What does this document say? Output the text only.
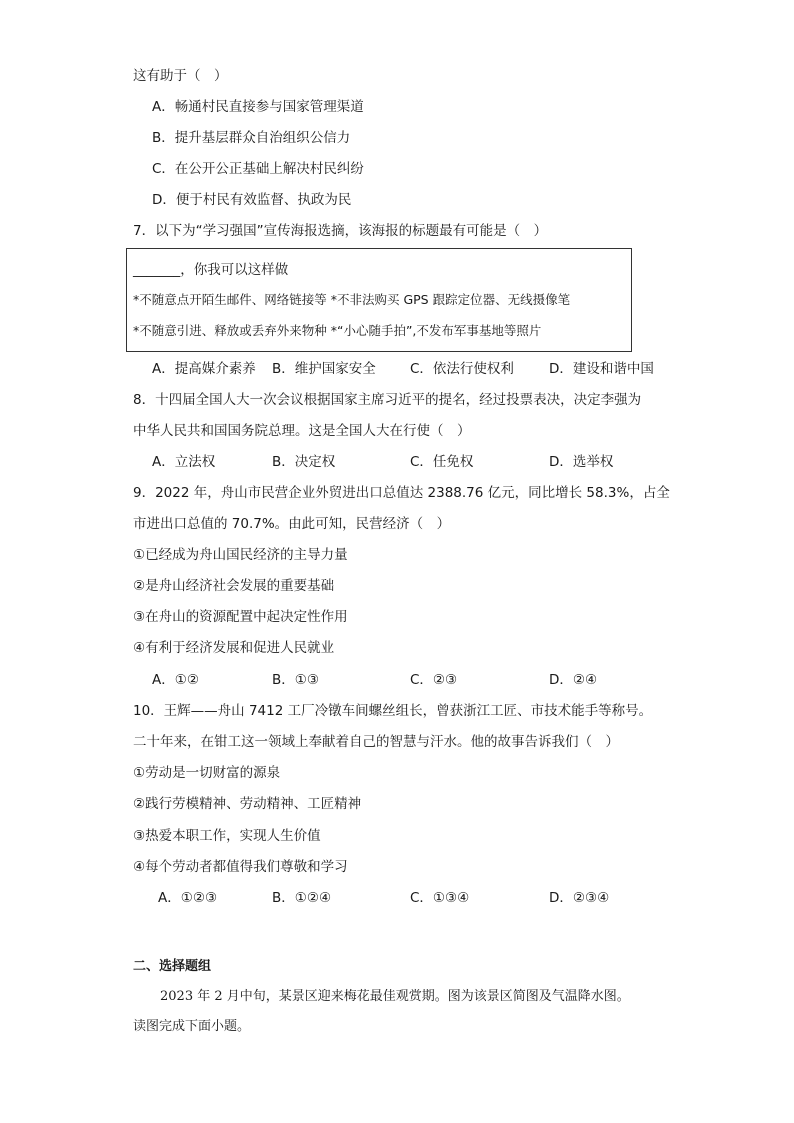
这有助于（　）
A．畅通村民直接参与国家管理渠道
B．提升基层群众自治组织公信力
C．在公开公正基础上解决村民纠纷
D．便于村民有效监督、执政为民
7．以下为“学习强国”宣传海报选摘，该海报的标题最有可能是（　）
_______，你我可以这样做
*不随意点开陌生邮件、网络链接等 *不非法购买 GPS 跟踪定位器、无线摄像笔
*不随意引进、释放或丢弃外来物种 *“小心随手拍”,不发布军事基地等照片
A．提高媒介素养 B．维护国家安全	C．依法行使权利	D．建设和谐中国
8．十四届全国人大一次会议根据国家主席习近平的提名，经过投票表决，决定李强为
中华人民共和国国务院总理。这是全国人大在行使（　）
A．立法权	B．决定权	C．任免权	D．选举权
9．2022 年，舟山市民营企业外贸进出口总值达 2388.76 亿元，同比增长 58.3%，占全
市进出口总值的 70.7%。由此可知，民营经济（　）
①已经成为舟山国民经济的主导力量
②是舟山经济社会发展的重要基础
③在舟山的资源配置中起决定性作用
④有利于经济发展和促进人民就业
A．①②	B．①③	C．②③	D．②④
10．王辉——舟山 7412 工厂冷镦车间螺丝组长，曾获浙江工匠、市技术能手等称号。
二十年来，在钳工这一领域上奉献着自己的智慧与汗水。他的故事告诉我们（　）
①劳动是一切财富的源泉
②践行劳模精神、劳动精神、工匠精神
③热爱本职工作，实现人生价值
④每个劳动者都值得我们尊敬和学习
A．①②③	B．①②④	C．①③④	D．②③④
二、选择题组
2023 年 2 月中旬，某景区迎来梅花最佳观赏期。图为该景区简图及气温降水图。
读图完成下面小题。
